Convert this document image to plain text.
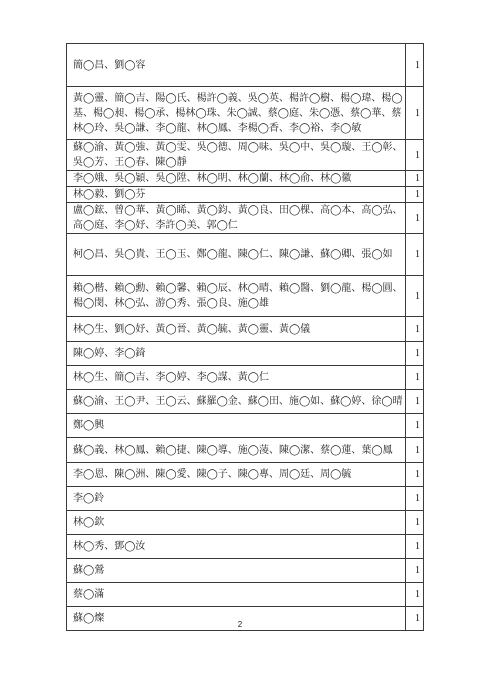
簡◯昌、劉◯容	1
黃◯靈、簡◯吉、陽◯氏、楊許◯義、吳◯英、楊許◯樹、楊◯瑋、楊◯基、楊◯昶、楊◯承、楊林◯珠、朱◯誠、蔡◯庭、朱◯憑、蔡◯華、蔡林◯玲、吳◯謙、李◯龍、林◯鳳、李楊◯香、李◯裕、李◯敏	1
蘇◯渝、黃◯強、黃◯雯、吳◯德、周◯味、吳◯中、吳◯璇、王◯彰、吳◯芳、王◯春、陳◯靜	1
李◯娥、吳◯穎、吳◯陞、林◯明、林◯蘭、林◯俞、林◯徽	1
林◯毅、劉◯芬	1
盧◯鋐、曾◯華、黃◯睎、黃◯鈞、黃◯良、田◯棵、高◯本、高◯弘、高◯庭、李◯妤、李許◯美、郭◯仁	1
柯◯昌、吳◯貴、王◯玉、鄭◯龍、陳◯仁、陳◯謙、蘇◯卿、張◯如	1
賴◯楷、賴◯勳、賴◯馨、賴◯辰、林◯晴、賴◯醫、劉◯龍、楊◯圓、楊◯閔、林◯弘、游◯秀、張◯良、施◯雄	1
林◯生、劉◯妤、黃◯晉、黃◯毓、黃◯靈、黃◯儀	1
陳◯婷、李◯錡	1
林◯生、簡◯吉、李◯婷、李◯謀、黃◯仁	1
蘇◯渝、王◯尹、王◯云、蘇羅◯金、蘇◯田、施◯如、蘇◯婷、徐◯晴	1
鄭◯興	1
蘇◯義、林◯鳳、賴◯捷、陳◯導、施◯蓤、陳◯潔、蔡◯蓮、葉◯鳳	1
李◯恩、陳◯洲、陳◯愛、陳◯子、陳◯專、周◯廷、周◯毓	1
李◯鈴	1
林◯欽	1
林◯秀、鄧◯汝	1
蘇◯鶯	1
蔡◯滿	1
蘇◯燦	1
2
